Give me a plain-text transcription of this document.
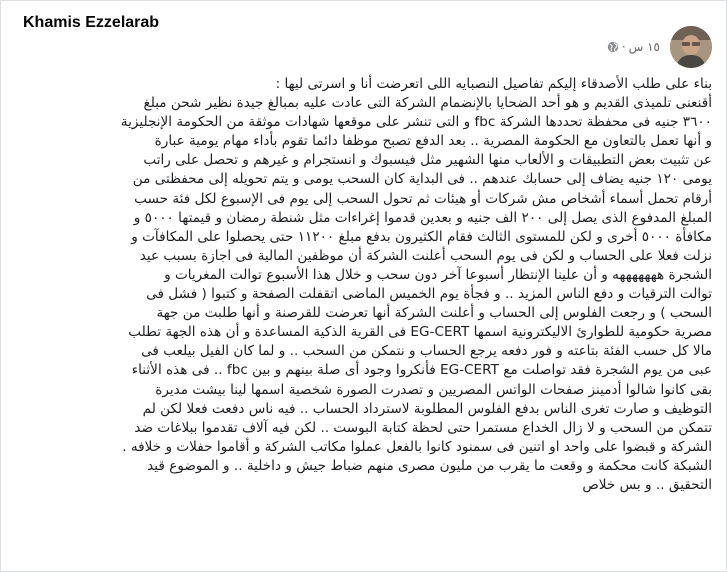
Khamis Ezzelarab
١٥ س
·
بناء على طلب الأصدقاء إليكم تفاصيل النصبايه اللى اتعرضت أنا و اسرتى ليها :
أقنعنى تلميذى القديم و هو أحد الضحايا بالإنضمام الشركة التى عادت عليه بمبالغ جيدة نظير شحن مبلغ
٣٦٠٠ جنيه فى محفظة تحددها الشركة fbc و التى تنشر على موقعها شهادات موثقة من الحكومة الإنجليزية
و أنها تعمل بالتعاون مع الحكومة المصرية .. بعد الدفع تصبح موظفا دائما تقوم بأداء مهام يومية عبارة
عن تثبيت بعض التطبيقات و الألعاب منها الشهير مثل فيسبوك و انستجرام و غيرهم و تحصل على راتب
يومى ١٢٠ جنيه يضاف إلى حسابك عندهم .. فى البداية كان السحب يومى و يتم تحويله إلى محفظتى من
أرقام تحمل أسماء أشخاص مش شركات أو هيئات ثم تحول السحب إلى يوم فى الإسبوع لكل فئة حسب
المبلغ المدفوع الذى يصل إلى ٢٠٠ الف جنيه و بعدين قدموا إغراءات مثل شنطة رمضان و قيمتها ٥٠٠٠ و
مكافأة ٥٠٠٠ أخرى و لكن للمستوى الثالث فقام الكثيرون بدفع مبلغ ١١٢٠٠ حتى يحصلوا على المكافآت و
نزلت فعلا على الحساب و لكن فى يوم السحب أعلنت الشركة أن موظفين المالية فى اجازة بسبب عيد
الشجرة هههههههه و أن علينا الإنتظار أسبوعا آخر دون سحب و خلال هذا الأسبوع توالت المغريات و
توالت الترقيات و دفع الناس المزيد .. و فجأة يوم الخميس الماضى اتقفلت الصفحة و كتبوا ( فشل فى
السحب ) و رجعت الفلوس إلى الحساب و أعلنت الشركة أنها تعرضت للقرصنة و أنها طلبت من جهة
مصرية حكومية للطوارئ الاليكترونية اسمها EG-CERT فى القرية الذكية المساعدة و أن هذه الجهة تطلب
مالا كل حسب الفئة بتاعته و فور دفعه يرجع الحساب و نتمكن من السحب .. و لما كان الفيل بيلعب فى
عبى من يوم الشجرة فقد تواصلت مع EG-CERT فأنكروا وجود أى صلة بينهم و بين fbc .. فى هذه الأثناء
بقى كانوا شالوا أدمينز صفحات الواتس المصريين و تصدرت الصورة شخصية اسمها لينا بيشت مديرة
التوظيف و صارت تغرى الناس بدفع الفلوس المطلوبة لاسترداد الحساب .. فيه ناس دفعت فعلا لكن لم
تتمكن من السحب و لا زال الخداع مستمرا حتى لحظة كتابة البوست .. لكن فيه آلاف تقدموا ببلاغات ضد
الشركة و قبضوا على واحد او اتنين فى سمنود كانوا بالفعل عملوا مكاتب الشركة و أقاموا حفلات و خلافه .
الشبكة كانت محكمة و وقعت ما يقرب من مليون مصرى منهم ضباط جيش و داخلية .. و الموضوع قيد
التحقيق .. و بس خلاص
